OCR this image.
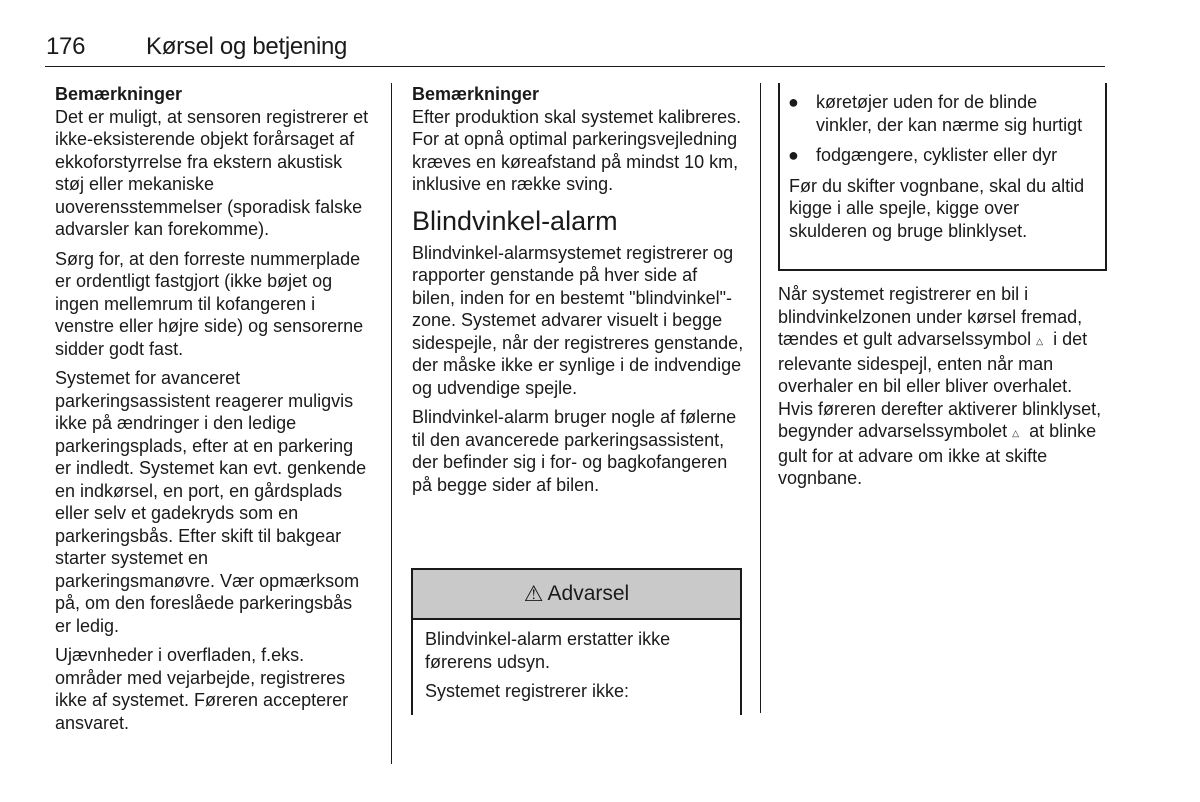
176	Kørsel og betjening

Bemærkninger

Det er muligt, at sensoren registrerer et ikke-eksisterende objekt forårsaget af ekkoforstyrrelse fra ekstern akustisk støj eller mekaniske uoverensstemmelser (sporadisk falske advarsler kan forekomme).

Sørg for, at den forreste nummerplade er ordentligt fastgjort (ikke bøjet og ingen mellemrum til kofangeren i venstre eller højre side) og sensorerne sidder godt fast.

Systemet for avanceret parkeringsassistent reagerer muligvis ikke på ændringer i den ledige parkeringsplads, efter at en parkering er indledt. Systemet kan evt. genkende en indkørsel, en port, en gårdsplads eller selv et gadekryds som en parkeringsbås. Efter skift til bakgear starter systemet en parkeringsmanøvre. Vær opmærksom på, om den foreslåede parkeringsbås er ledig.

Ujævnheder i overfladen, f.eks. områder med vejarbejde, registreres ikke af systemet. Føreren accepterer ansvaret.

Bemærkninger

Efter produktion skal systemet kalibreres. For at opnå optimal parkeringsvejledning kræves en køreafstand på mindst 10 km, inklusive en række sving.

Blindvinkel-alarm

Blindvinkel-alarmsystemet registrerer og rapporter genstande på hver side af bilen, inden for en bestemt "blindvinkel"-zone. Systemet advarer visuelt i begge sidespejle, når der registreres genstande, der måske ikke er synlige i de indvendige og udvendige spejle.

Blindvinkel-alarm bruger nogle af følerne til den avancerede parkeringsassistent, der befinder sig i for- og bagkofangeren på begge sider af bilen.

⚠ Advarsel

Blindvinkel-alarm erstatter ikke førerens udsyn.

Systemet registrerer ikke:

● køretøjer uden for de blinde vinkler, der kan nærme sig hurtigt
● fodgængere, cyklister eller dyr

Før du skifter vognbane, skal du altid kigge i alle spejle, kigge over skulderen og bruge blinklyset.

Når systemet registrerer en bil i blindvinkelzonen under kørsel fremad, tændes et gult advarselssymbol △  i det relevante sidespejl, enten når man overhaler en bil eller bliver overhalet. Hvis føreren derefter aktiverer blinklyset, begynder advarselssymbolet △  at blinke gult for at advare om ikke at skifte vognbane.
